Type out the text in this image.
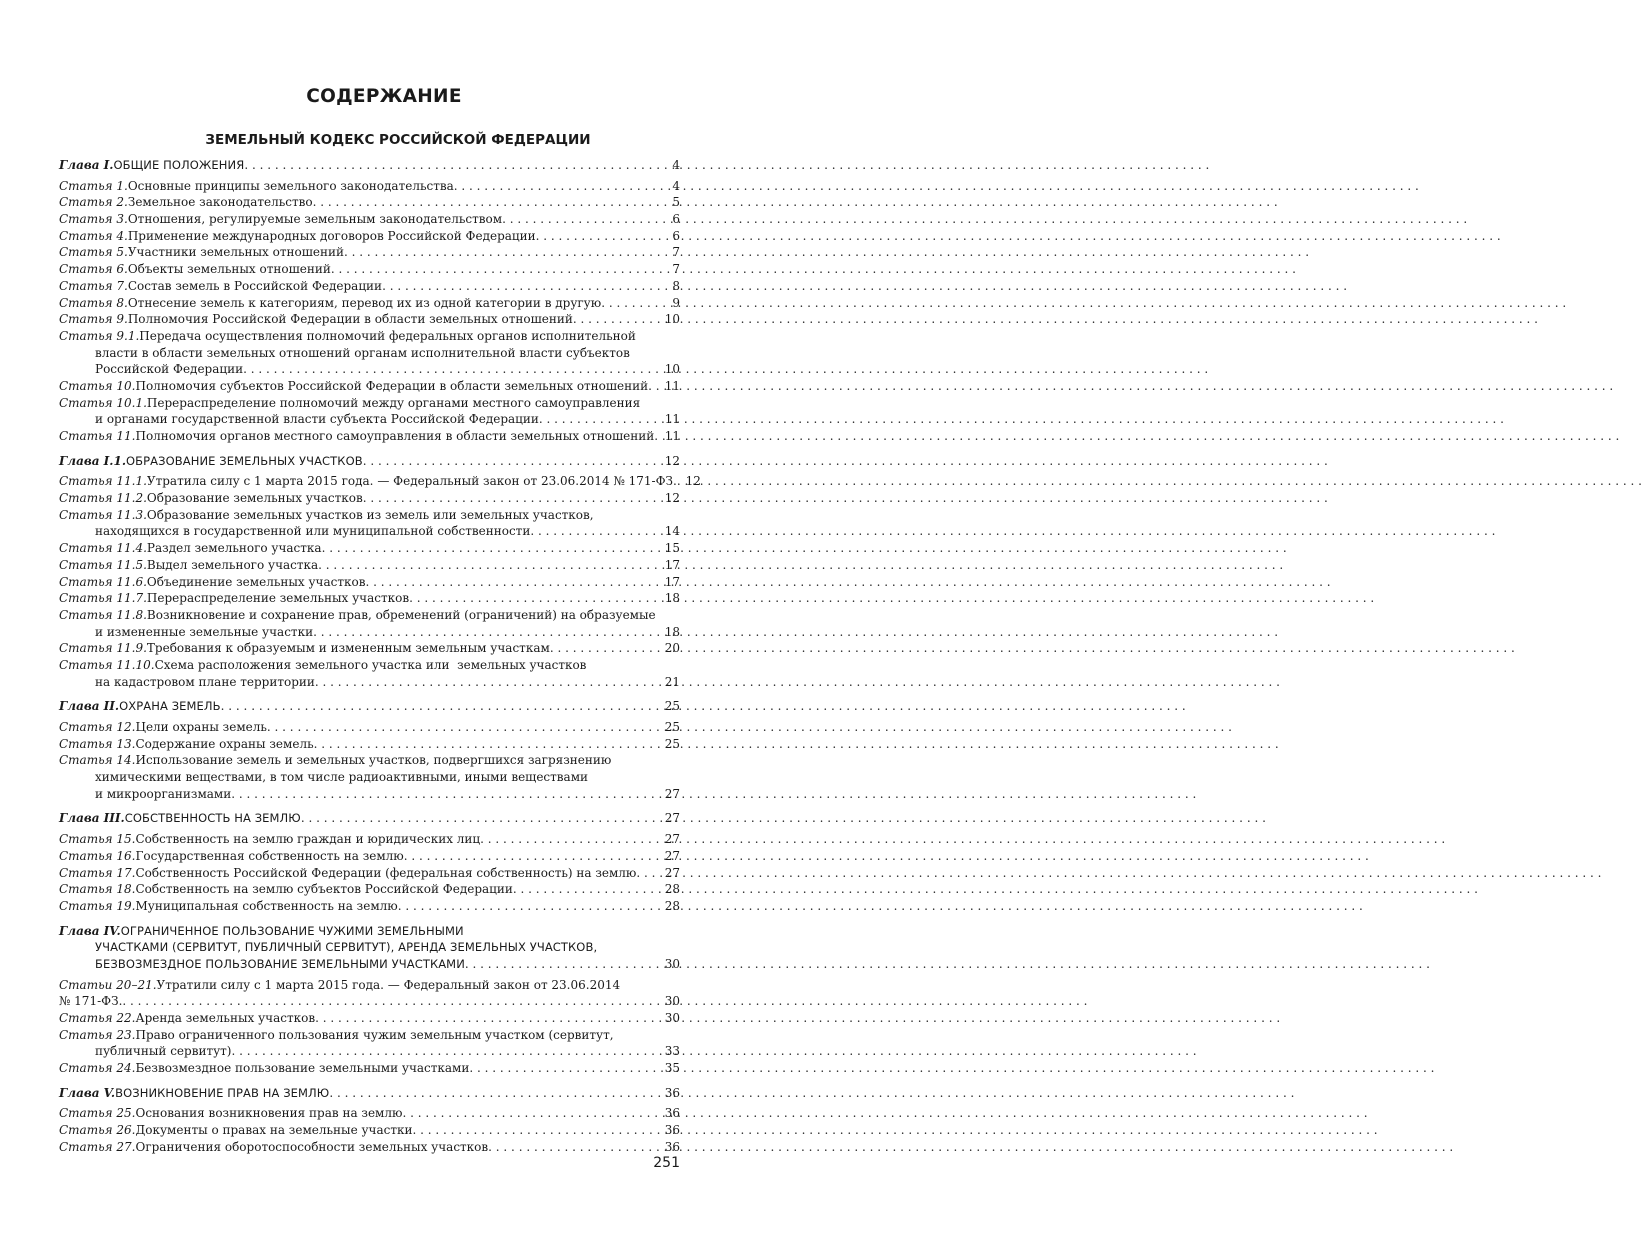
СОДЕРЖАНИЕ
ЗЕМЕЛЬНЫЙ КОДЕКС РОССИЙСКОЙ ФЕДЕРАЦИИ
Глава I. ОБЩИЕ ПОЛОЖЕНИЯ . . .	4
Статья 1. Основные принципы земельного законодательства . . .	4
Статья 2. Земельное законодательство . . .	5
Статья 3. Отношения, регулируемые земельным законодательством . . .	6
Статья 4. Применение международных договоров Российской Федерации . . .	6
Статья 5. Участники земельных отношений . . .	7
Статья 6. Объекты земельных отношений . . .	7
Статья 7. Состав земель в Российской Федерации . . .	8
Статья 8. Отнесение земель к категориям, перевод их из одной категории в другую . . .	9
Статья 9. Полномочия Российской Федерации в области земельных отношений . . .	10
Статья 9.1. Передача осуществления полномочий федеральных органов исполнительной
власти в области земельных отношений органам исполнительной власти субъектов
Российской Федерации . . .	10
Статья 10. Полномочия субъектов Российской Федерации в области земельных отношений . . . 11
Статья 10.1. Перераспределение полномочий между органами местного самоуправления
и органами государственной власти субъекта Российской Федерации . . .	11
Статья 11. Полномочия органов местного самоуправления в области земельных отношений . . . 11
Глава I.1. ОБРАЗОВАНИЕ ЗЕМЕЛЬНЫХ УЧАСТКОВ . . .	12
Статья 11.1. Утратила силу с 1 марта 2015 года. — Федеральный закон от 23.06.2014 № 171-ФЗ. . . . 12
Статья 11.2. Образование земельных участков . . .	12
Статья 11.3. Образование земельных участков из земель или земельных участков,
находящихся в государственной или муниципальной собственности . . .	14
Статья 11.4. Раздел земельного участка . . .	15
Статья 11.5. Выдел земельного участка . . .	17
Статья 11.6. Объединение земельных участков . . .	17
Статья 11.7. Перераспределение земельных участков . . .	18
Статья 11.8. Возникновение и сохранение прав, обременений (ограничений) на образуемые
и измененные земельные участки . . .	18
Статья 11.9. Требования к образуемым и измененным земельным участкам . . .	20
Статья 11.10. Схема расположения земельного участка или  земельных участков
на кадастровом плане территории . . .	21
Глава II. ОХРАНА ЗЕМЕЛЬ . . .	25
Статья 12. Цели охраны земель . . .	25
Статья 13. Содержание охраны земель . . .	25
Статья 14. Использование земель и земельных участков, подвергшихся загрязнению
химическими веществами, в том числе радиоактивными, иными веществами
и микроорганизмами . . .	27
Глава III. СОБСТВЕННОСТЬ НА ЗЕМЛЮ . . .	27
Статья 15. Собственность на землю граждан и юридических лиц . . .	27
Статья 16. Государственная собственность на землю . . .	27
Статья 17. Собственность Российской Федерации (федеральная собственность) на землю . . . 27
Статья 18. Собственность на землю субъектов Российской Федерации . . .	28
Статья 19. Муниципальная собственность на землю . . .	28
Глава IV. ОГРАНИЧЕННОЕ ПОЛЬЗОВАНИЕ ЧУЖИМИ ЗЕМЕЛЬНЫМИ
УЧАСТКАМИ (СЕРВИТУТ, ПУБЛИЧНЫЙ СЕРВИТУТ), АРЕНДА ЗЕМЕЛЬНЫХ УЧАСТКОВ,
БЕЗВОЗМЕЗДНОЕ ПОЛЬЗОВАНИЕ ЗЕМЕЛЬНЫМИ УЧАСТКАМИ . . .	30
Статьи 20–21. Утратили силу с 1 марта 2015 года. — Федеральный закон от 23.06.2014
№ 171-ФЗ. . . .	30
Статья 22. Аренда земельных участков . . .	30
Статья 23. Право ограниченного пользования чужим земельным участком (сервитут,
публичный сервитут) . . .	33
Статья 24. Безвозмездное пользование земельными участками . . .	35
Глава V. ВОЗНИКНОВЕНИЕ ПРАВ НА ЗЕМЛЮ . . .	36
Статья 25. Основания возникновения прав на землю . . .	36
Статья 26. Документы о правах на земельные участки . . .	36
Статья 27. Ограничения оборотоспособности земельных участков . . .	36
251
